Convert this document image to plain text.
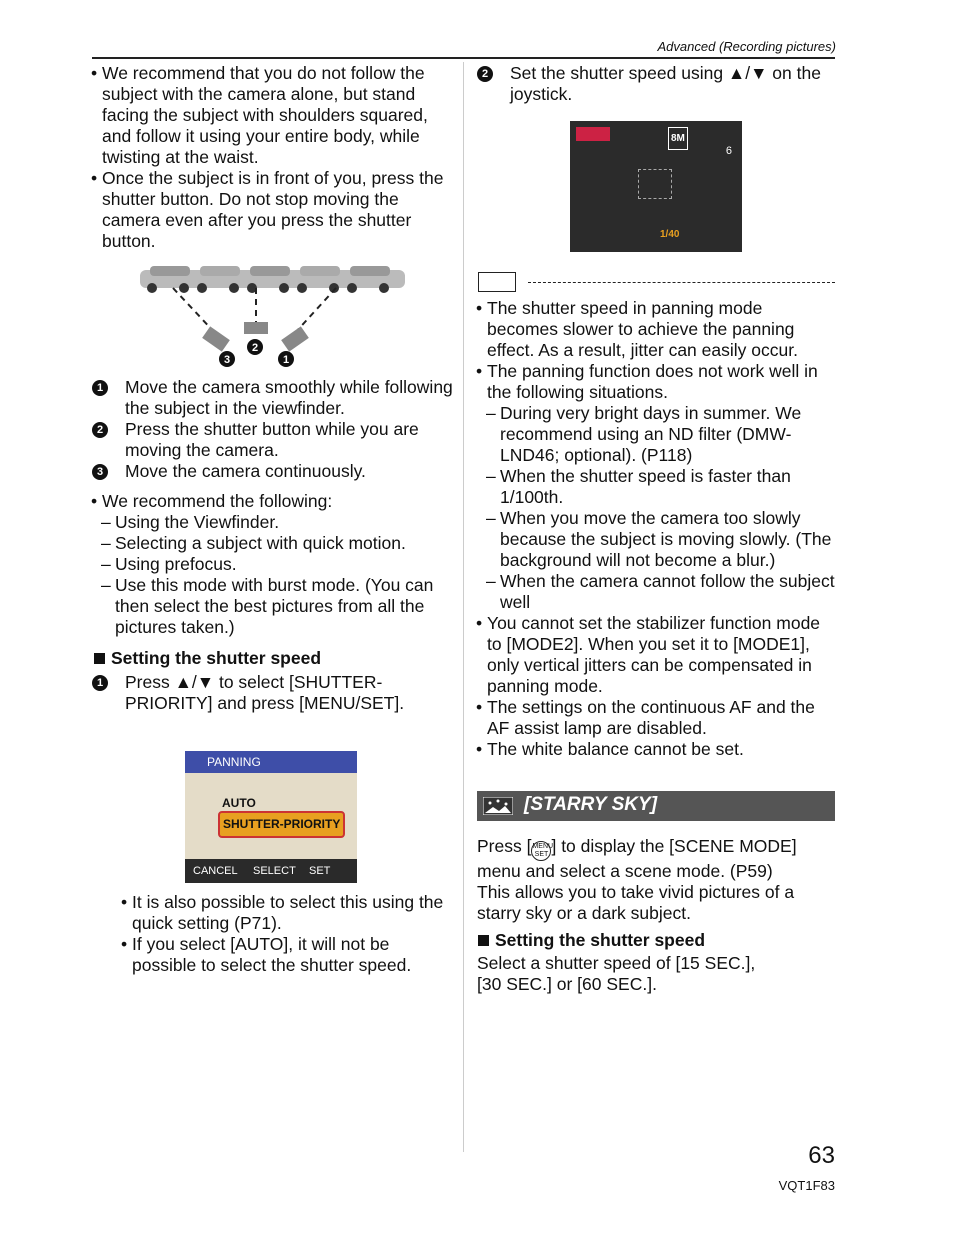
Advanced (Recording pictures)

• We recommend that you do not follow the subject with the camera alone, but stand facing the subject with shoulders squared, and follow it using your entire body, while twisting at the waist.

• Once the subject is in front of you, press the shutter button. Do not stop moving the camera even after you press the shutter button.

3
2
1

1 Move the camera smoothly while following the subject in the viewfinder.

2 Press the shutter button while you are moving the camera.

3 Move the camera continuously.

• We recommend the following:

– Using the Viewfinder.

– Selecting a subject with quick motion.

– Using prefocus.

– Use this mode with burst mode. (You can then select the best pictures from all the pictures taken.)

Setting the shutter speed

1 Press ▲/▼ to select [SHUTTER-PRIORITY] and press [MENU/SET].

PANNING
AUTO
SHUTTER-PRIORITY
CANCEL SELECT SET

• It is also possible to select this using the quick setting (P71).

• If you select [AUTO], it will not be possible to select the shutter speed.

2 Set the shutter speed using ▲/▼ on the joystick.

8M
6
1/40

• The shutter speed in panning mode becomes slower to achieve the panning effect. As a result, jitter can easily occur.

• The panning function does not work well in the following situations.

– During very bright days in summer. We recommend using an ND filter (DMW-LND46; optional). (P118)

– When the shutter speed is faster than 1/100th.

– When you move the camera too slowly because the subject is moving slowly. (The background will not become a blur.)

– When the camera cannot follow the subject well

• You cannot set the stabilizer function mode to [MODE2]. When you set it to [MODE1], only vertical jitters can be compensated in panning mode.

• The settings on the continuous AF and the AF assist lamp are disabled.

• The white balance cannot be set.

[STARRY SKY]

Press [MENU
SET ] to display the [SCENE MODE] menu and select a scene mode. (P59)

This allows you to take vivid pictures of a starry sky or a dark subject.

Setting the shutter speed
Select a shutter speed of [15 SEC.], [30 SEC.] or [60 SEC.].
63
VQT1F83
